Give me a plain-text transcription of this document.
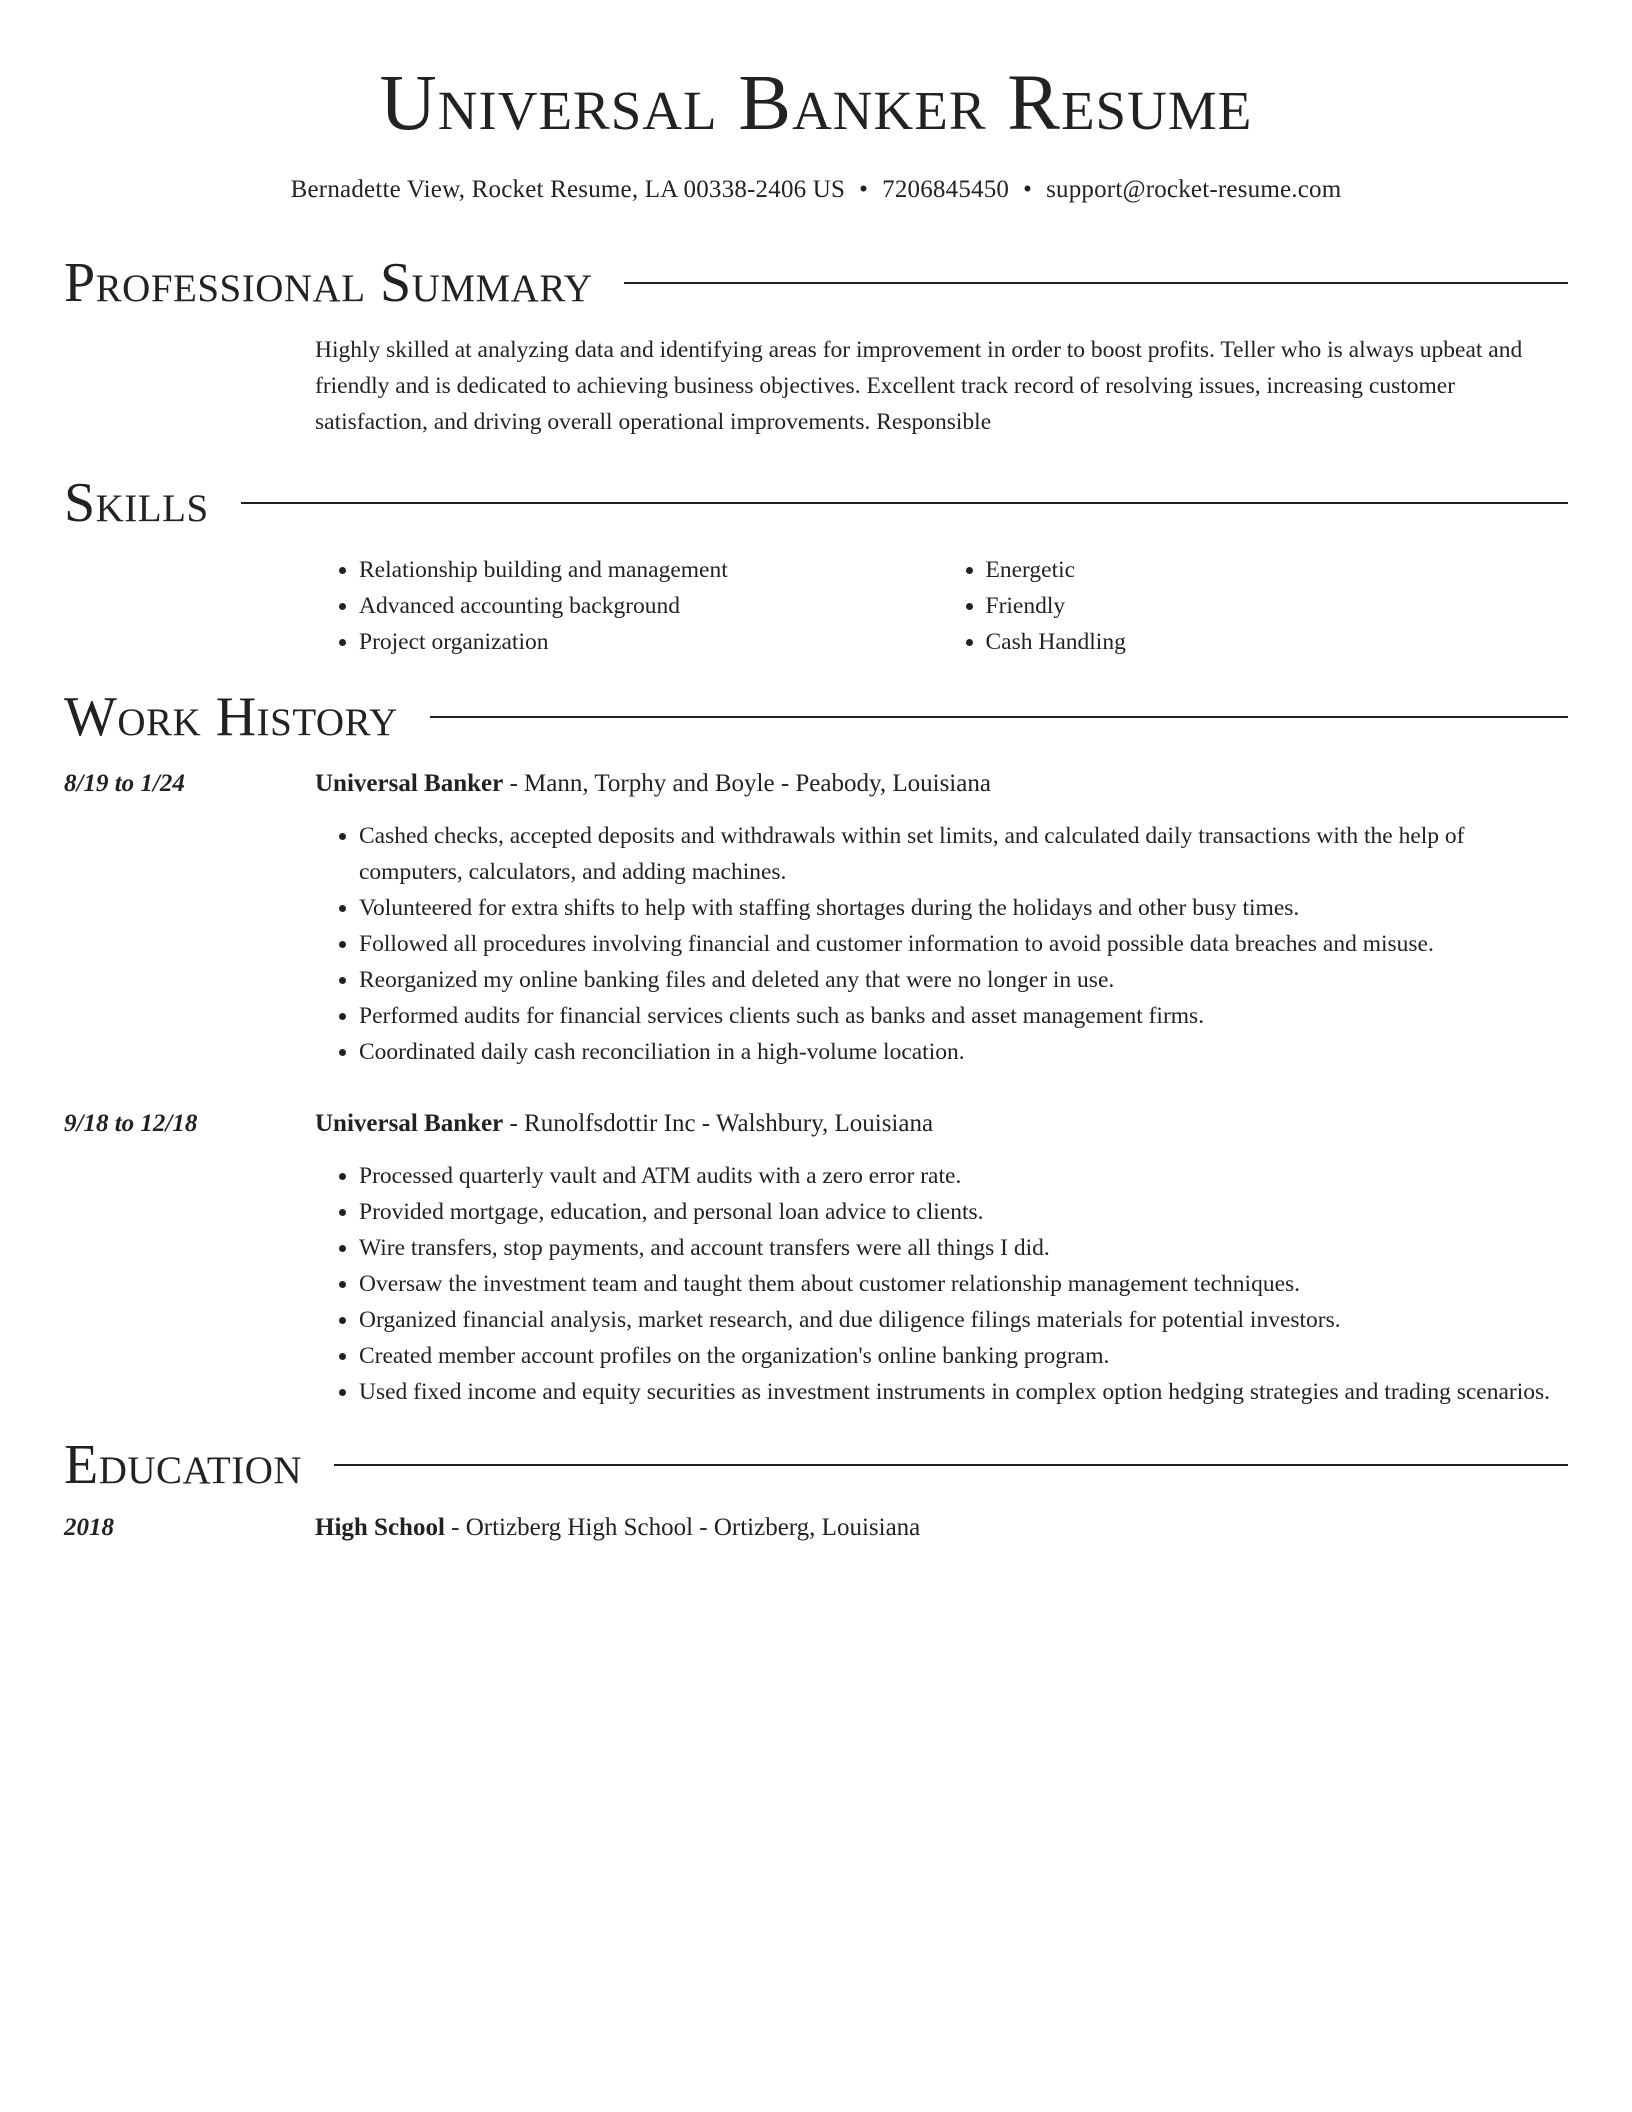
Universal Banker Resume
Bernadette View, Rocket Resume, LA 00338-2406 US • 7206845450 • support@rocket-resume.com
Professional Summary
Highly skilled at analyzing data and identifying areas for improvement in order to boost profits. Teller who is always upbeat and friendly and is dedicated to achieving business objectives. Excellent track record of resolving issues, increasing customer satisfaction, and driving overall operational improvements. Responsible
Skills
• Relationship building and management
• Advanced accounting background
• Project organization
• Energetic
• Friendly
• Cash Handling
Work History
8/19 to 1/24	Universal Banker - Mann, Torphy and Boyle - Peabody, Louisiana
• Cashed checks, accepted deposits and withdrawals within set limits, and calculated daily transactions with the help of computers, calculators, and adding machines.
• Volunteered for extra shifts to help with staffing shortages during the holidays and other busy times.
• Followed all procedures involving financial and customer information to avoid possible data breaches and misuse.
• Reorganized my online banking files and deleted any that were no longer in use.
• Performed audits for financial services clients such as banks and asset management firms.
• Coordinated daily cash reconciliation in a high-volume location.
9/18 to 12/18	Universal Banker - Runolfsdottir Inc - Walshbury, Louisiana
• Processed quarterly vault and ATM audits with a zero error rate.
• Provided mortgage, education, and personal loan advice to clients.
• Wire transfers, stop payments, and account transfers were all things I did.
• Oversaw the investment team and taught them about customer relationship management techniques.
• Organized financial analysis, market research, and due diligence filings materials for potential investors.
• Created member account profiles on the organization's online banking program.
• Used fixed income and equity securities as investment instruments in complex option hedging strategies and trading scenarios.
Education
2018	High School - Ortizberg High School - Ortizberg, Louisiana
